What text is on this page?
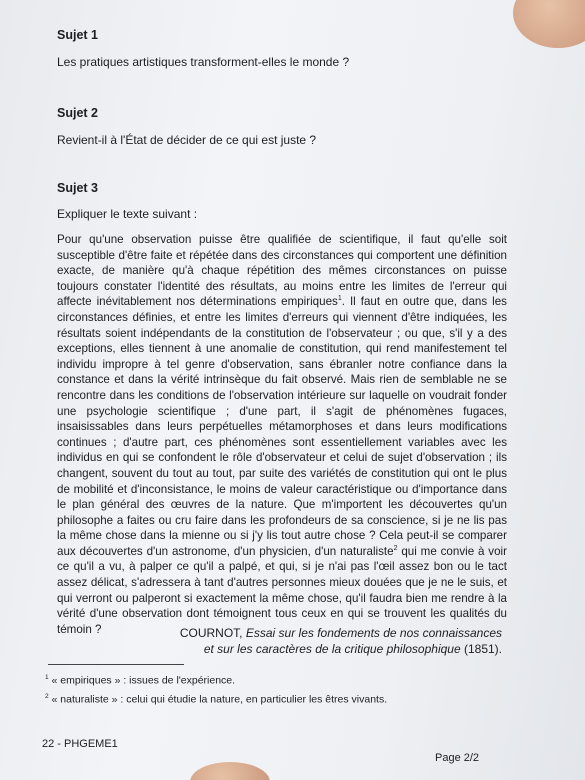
Sujet 1
Les pratiques artistiques transforment-elles le monde ?
Sujet 2
Revient-il à l'État de décider de ce qui est juste ?
Sujet 3
Expliquer le texte suivant :
Pour qu'une observation puisse être qualifiée de scientifique, il faut qu'elle soit susceptible d'être faite et répétée dans des circonstances qui comportent une définition exacte, de manière qu'à chaque répétition des mêmes circonstances on puisse toujours constater l'identité des résultats, au moins entre les limites de l'erreur qui affecte inévitablement nos déterminations empiriques$^1$. Il faut en outre que, dans les circonstances définies, et entre les limites d'erreurs qui viennent d'être indiquées, les résultats soient indépendants de la constitution de l'observateur ; ou que, s'il y a des exceptions, elles tiennent à une anomalie de constitution, qui rend manifestement tel individu impropre à tel genre d'observation, sans ébranler notre confiance dans la constance et dans la vérité intrinsèque du fait observé. Mais rien de semblable ne se rencontre dans les conditions de l'observation intérieure sur laquelle on voudrait fonder une psychologie scientifique ; d'une part, il s'agit de phénomènes fugaces, insaisissables dans leurs perpétuelles métamorphoses et dans leurs modifications continues ; d'autre part, ces phénomènes sont essentiellement variables avec les individus en qui se confondent le rôle d'observateur et celui de sujet d'observation ; ils changent, souvent du tout au tout, par suite des variétés de constitution qui ont le plus de mobilité et d'inconsistance, le moins de valeur caractéristique ou d'importance dans le plan général des œuvres de la nature. Que m'importent les découvertes qu'un philosophe a faites ou cru faire dans les profondeurs de sa conscience, si je ne lis pas la même chose dans la mienne ou si j'y lis tout autre chose ? Cela peut-il se comparer aux découvertes d'un astronome, d'un physicien, d'un naturaliste$^2$ qui me convie à voir ce qu'il a vu, à palper ce qu'il a palpé, et qui, si je n'ai pas l'œil assez bon ou le tact assez délicat, s'adressera à tant d'autres personnes mieux douées que je ne le suis, et qui verront ou palperont si exactement la même chose, qu'il faudra bien me rendre à la vérité d'une observation dont témoignent tous ceux en qui se trouvent les qualités du témoin ?	COURNOT, Essai sur les fondements de nos connaissances
et sur les caractères de la critique philosophique (1851).
$^1$ « empiriques » : issues de l'expérience.
$^2$ « naturaliste » : celui qui étudie la nature, en particulier les êtres vivants.
22 - PHGEME1
Page 2/2
